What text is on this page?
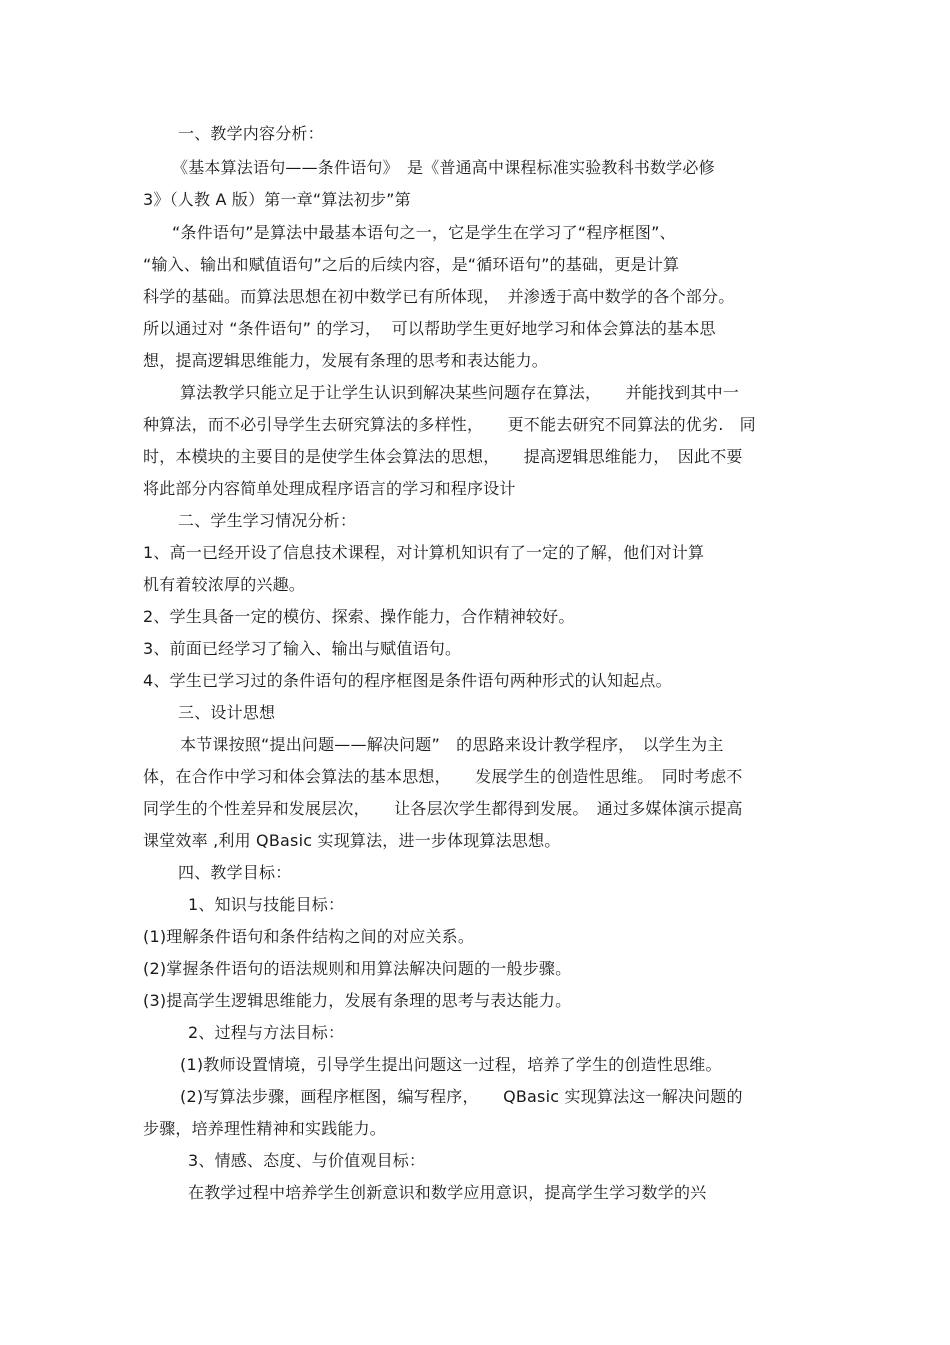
一、教学内容分析：
《基本算法语句——条件语句》　是《普通高中课程标准实验教科书数学必修
3》（人教 A 版）第一章“算法初步”第
“条件语句”是算法中最基本语句之一，它是学生在学习了“程序框图”、
“输入、输出和赋值语句”之后的后续内容，是“循环语句”的基础，更是计算
科学的基础。而算法思想在初中数学已有所体现，　并渗透于高中数学的各个部分。
所以通过对 “条件语句” 的学习，  可以帮助学生更好地学习和体会算法的基本思
想，提高逻辑思维能力，发展有条理的思考和表达能力。
算法教学只能立足于让学生认识到解决某些问题存在算法，　　并能找到其中一
种算法，而不必引导学生去研究算法的多样性，　　更不能去研究不同算法的优劣.　同
时，本模块的主要目的是使学生体会算法的思想，　　提高逻辑思维能力，　因此不要
将此部分内容简单处理成程序语言的学习和程序设计
二、学生学习情况分析：
1、高一已经开设了信息技术课程，对计算机知识有了一定的了解，他们对计算
机有着较浓厚的兴趣。
2、学生具备一定的模仿、探索、操作能力，合作精神较好。
3、前面已经学习了输入、输出与赋值语句。
4、学生已学习过的条件语句的程序框图是条件语句两种形式的认知起点。
三、设计思想
本节课按照“提出问题——解决问题”　的思路来设计教学程序，　以学生为主
体，在合作中学习和体会算法的基本思想，　　发展学生的创造性思维。　同时考虑不
同学生的个性差异和发展层次，　　让各层次学生都得到发展。　通过多媒体演示提高
课堂效率 ,利用 QBasic 实现算法，进一步体现算法思想。
四、教学目标：
1、知识与技能目标：
(1)理解条件语句和条件结构之间的对应关系。
(2)掌握条件语句的语法规则和用算法解决问题的一般步骤。
(3)提高学生逻辑思维能力，发展有条理的思考与表达能力。
2、过程与方法目标：
(1)教师设置情境，引导学生提出问题这一过程，培养了学生的创造性思维。
(2)写算法步骤，画程序框图，编写程序，　　QBasic 实现算法这一解决问题的
步骤，培养理性精神和实践能力。
3、情感、态度、与价值观目标：
在教学过程中培养学生创新意识和数学应用意识，提高学生学习数学的兴
